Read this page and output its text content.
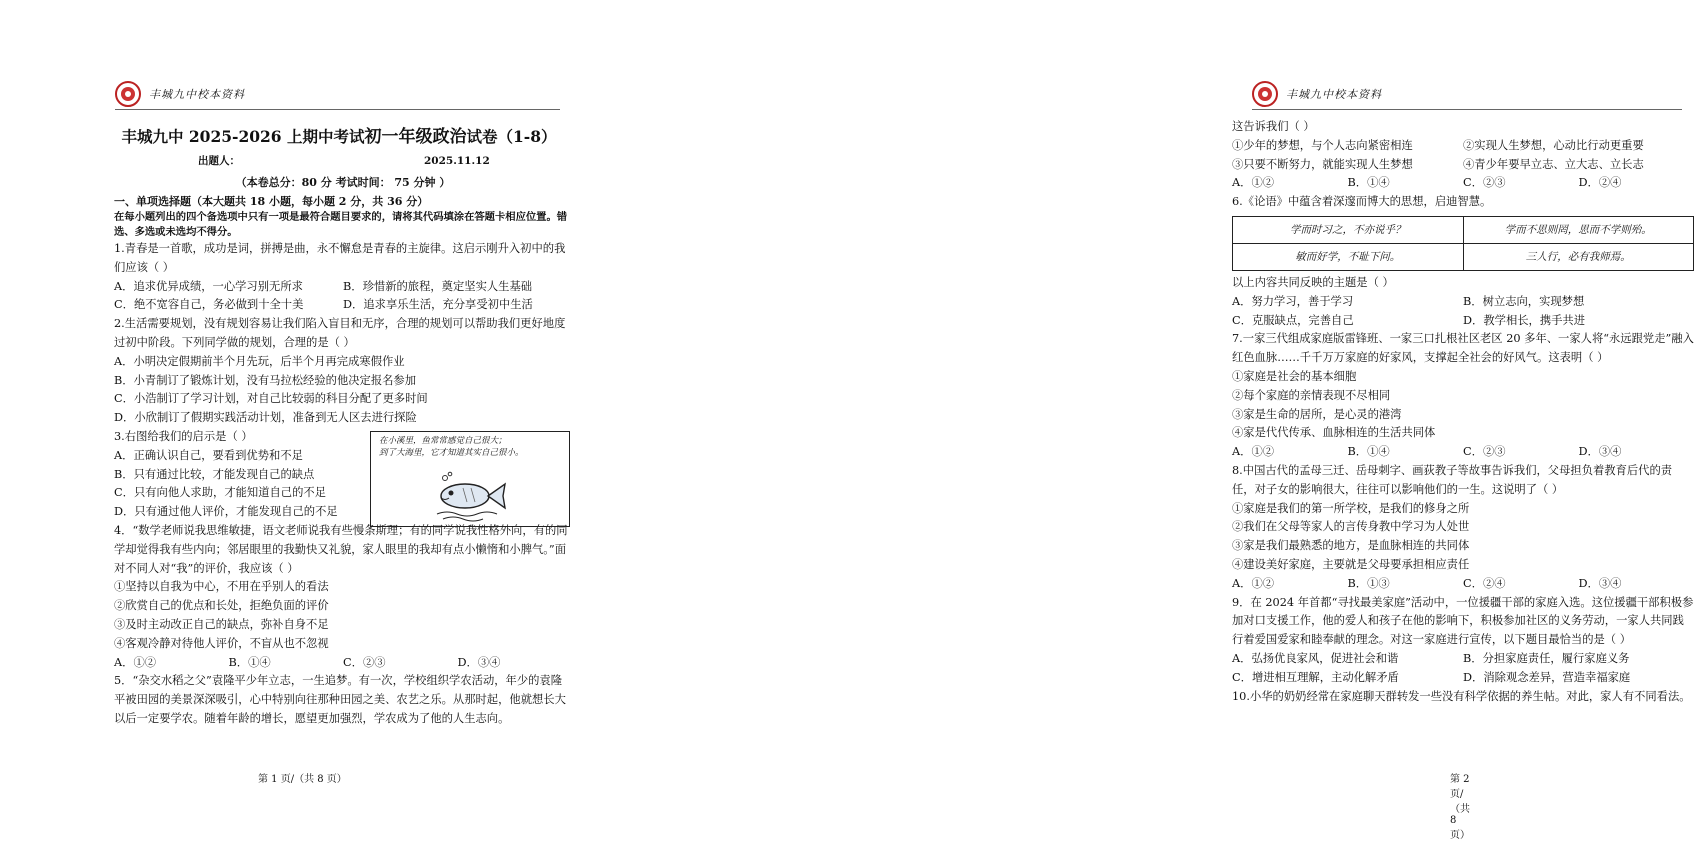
丰城九中校本资料
丰城九中 2025-2026 上期中考试初一年级政治试卷（1-8）
出题人：	2025.11.12
（本卷总分：80 分 考试时间： 75 分钟 ）
一、单项选择题（本大题共 18 小题，每小题 2 分，共 36 分）
在每小题列出的四个备选项中只有一项是最符合题目要求的，请将其代码填涂在答题卡相应位置。错选、多选或未选均不得分。

1.青春是一首歌，成功是词，拼搏是曲，永不懈怠是青春的主旋律。这启示刚升入初中的我们应该（ ）

A．追求优异成绩，一心学习别无所求	B．珍惜新的旅程，奠定坚实人生基础
C．绝不宽容自己，务必做到十全十美	D．追求享乐生活，充分享受初中生活

2.生活需要规划，没有规划容易让我们陷入盲目和无序，合理的规划可以帮助我们更好地度过初中阶段。下列同学做的规划，合理的是（ ）

A．小明决定假期前半个月先玩，后半个月再完成寒假作业

B．小青制订了锻炼计划，没有马拉松经验的他决定报名参加

C．小浩制订了学习计划，对自己比较弱的科目分配了更多时间

D．小欣制订了假期实践活动计划，准备到无人区去进行探险

3.右图给我们的启示是（ ）

A．正确认识自己，要看到优势和不足

B．只有通过比较，才能发现自己的缺点

C．只有向他人求助，才能知道自己的不足

D．只有通过他人评价，才能发现自己的不足

在小溪里，鱼常常感觉自己很大；
到了大海里，它才知道其实自己很小。

4．“数学老师说我思维敏捷，语文老师说我有些慢条斯理；有的同学说我性格外向，有的同学却觉得我有些内向；邻居眼里的我勤快又礼貌，家人眼里的我却有点小懒惰和小脾气。”面对不同人对“我”的评价，我应该（ ）

①坚持以自我为中心，不用在乎别人的看法

②欣赏自己的优点和长处，拒绝负面的评价

③及时主动改正自己的缺点，弥补自身不足

④客观冷静对待他人评价，不盲从也不忽视

A．①②	B．①④	C．②③	D．③④

5．“杂交水稻之父”袁隆平少年立志，一生追梦。有一次，学校组织学农活动，年少的袁隆平被田园的美景深深吸引，心中特别向往那种田园之美、农艺之乐。从那时起，他就想长大以后一定要学农。随着年龄的增长，愿望更加强烈，学农成为了他的人生志向。

第 1 页/（共 8 页）
丰城九中校本资料

这告诉我们（ ）

①少年的梦想，与个人志向紧密相连	②实现人生梦想，心动比行动更重要
③只要不断努力，就能实现人生梦想	④青少年要早立志、立大志、立长志
A．①②	B．①④	C．②③	D．②④

6.《论语》中蕴含着深邃而博大的思想，启迪智慧。

学而时习之，不亦说乎？	学而不思则罔，思而不学则殆。
敏而好学，不耻下问。	三人行，必有我师焉。

以上内容共同反映的主题是（ ）

A．努力学习，善于学习	B．树立志向，实现梦想
C．克服缺点，完善自己	D．教学相长，携手共进

7.一家三代组成家庭版雷锋班、一家三口扎根社区老区 20 多年、一家人将“永远跟党走”融入红色血脉……千千万万家庭的好家风，支撑起全社会的好风气。这表明（ ）

①家庭是社会的基本细胞

②每个家庭的亲情表现不尽相同

③家是生命的居所，是心灵的港湾

④家是代代传承、血脉相连的生活共同体

A．①②	B．①④	C．②③	D．③④

8.中国古代的孟母三迁、岳母刺字、画荻教子等故事告诉我们，父母担负着教育后代的责任，对子女的影响很大，往往可以影响他们的一生。这说明了（ ）

①家庭是我们的第一所学校，是我们的修身之所

②我们在父母等家人的言传身教中学习为人处世

③家是我们最熟悉的地方，是血脉相连的共同体

④建设美好家庭，主要就是父母要承担相应责任

A．①②	B．①③	C．②④	D．③④

9．在 2024 年首都“寻找最美家庭”活动中，一位援疆干部的家庭入选。这位援疆干部积极参加对口支援工作，他的爱人和孩子在他的影响下，积极参加社区的义务劳动，一家人共同践行着爱国爱家和睦奉献的理念。对这一家庭进行宣传，以下题目最恰当的是（ ）

A．弘扬优良家风，促进社会和谐	B．分担家庭责任，履行家庭义务
C．增进相互理解，主动化解矛盾	D．消除观念差异，营造幸福家庭

10.小华的奶奶经常在家庭聊天群转发一些没有科学依据的养生帖。对此，家人有不同看法。

第 2 页/（共 8 页）
